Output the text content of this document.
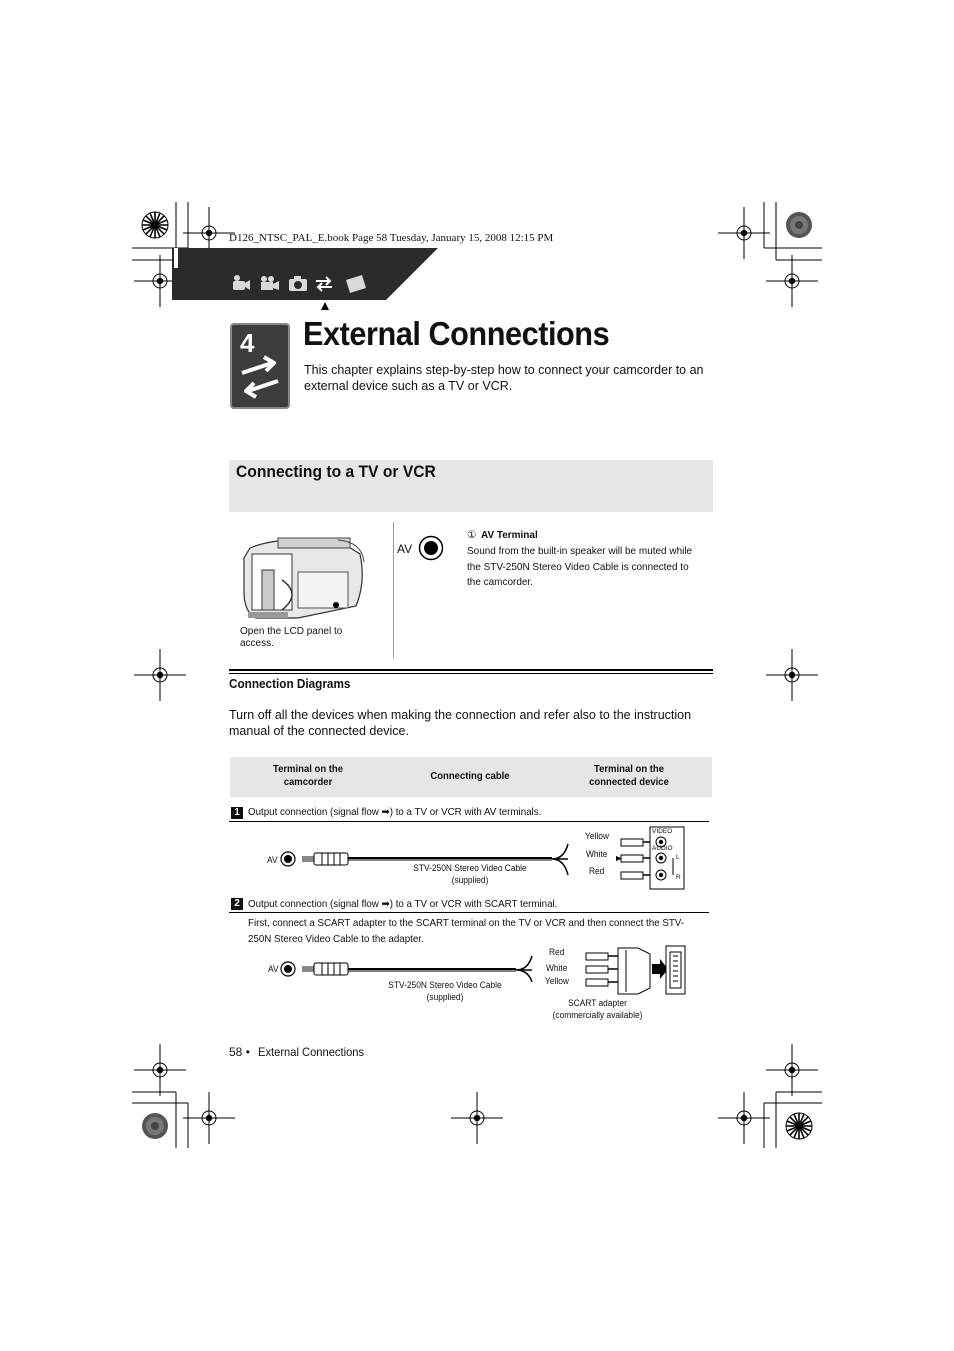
D126_NTSC_PAL_E.book Page 58 Tuesday, January 15, 2008 12:15 PM
4 External Connections
This chapter explains step-by-step how to connect your camcorder to an external device such as a TV or VCR.
Connecting to a TV or VCR
Open the LCD panel to access.
AV
① AV Terminal
Sound from the built-in speaker will be muted while the STV-250N Stereo Video Cable is connected to the camcorder.
Connection Diagrams
Turn off all the devices when making the connection and refer also to the instruction manual of the connected device.
Terminal on the camcorder
Connecting cable
Terminal on the connected device
1 Output connection (signal flow ➡) to a TV or VCR with AV terminals.
AV
STV-250N Stereo Video Cable
(supplied)
Yellow
White
Red
VIDEO
AUDIO
L
R
2 Output connection (signal flow ➡) to a TV or VCR with SCART terminal.
First, connect a SCART adapter to the SCART terminal on the TV or VCR and then connect the STV-250N Stereo Video Cable to the adapter.
AV
STV-250N Stereo Video Cable
(supplied)
Red
White
Yellow
SCART adapter
(commercially available)
58 • External Connections
